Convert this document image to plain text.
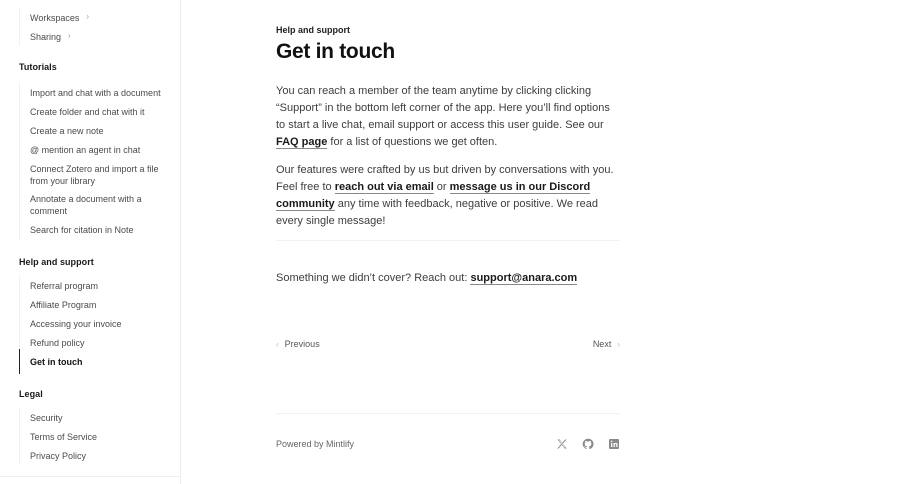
Workspaces ›
Sharing ›
Tutorials
Import and chat with a document
Create folder and chat with it
Create a new note
@ mention an agent in chat
Connect Zotero and import a file from your library
Annotate a document with a comment
Search for citation in Note
Help and support
Referral program
Affiliate Program
Accessing your invoice
Refund policy
Get in touch
Legal
Security
Terms of Service
Privacy Policy
Help and support
Get in touch

You can reach a member of the team anytime by clicking clicking “Support” in the bottom left corner of the app. Here you’ll find options to start a live chat, email support or access this user guide. See our FAQ page for a list of questions we get often.

Our features were crafted by us but driven by conversations with you. Feel free to reach out via email or message us in our Discord community any time with feedback, negative or positive. We read every single message!

Something we didn’t cover? Reach out: support@anara.com

‹ Previous	Next ›
Powered by Mintlify
